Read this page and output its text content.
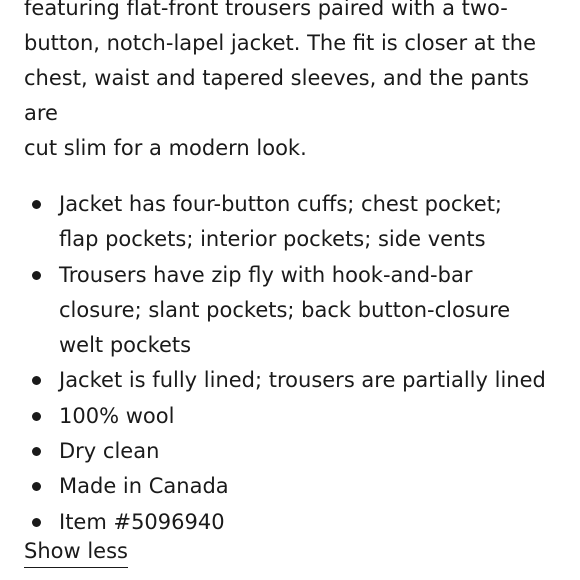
featuring flat-front trousers paired with a two-
button, notch-lapel jacket. The fit is closer at the
chest, waist and tapered sleeves, and the pants are
cut slim for a modern look.

Jacket has four-button cuffs; chest pocket;
flap pockets; interior pockets; side vents
Trousers have zip fly with hook-and-bar
closure; slant pockets; back button-closure
welt pockets
Jacket is fully lined; trousers are partially lined
100% wool
Dry clean
Made in Canada
Item #5096940
Show less
